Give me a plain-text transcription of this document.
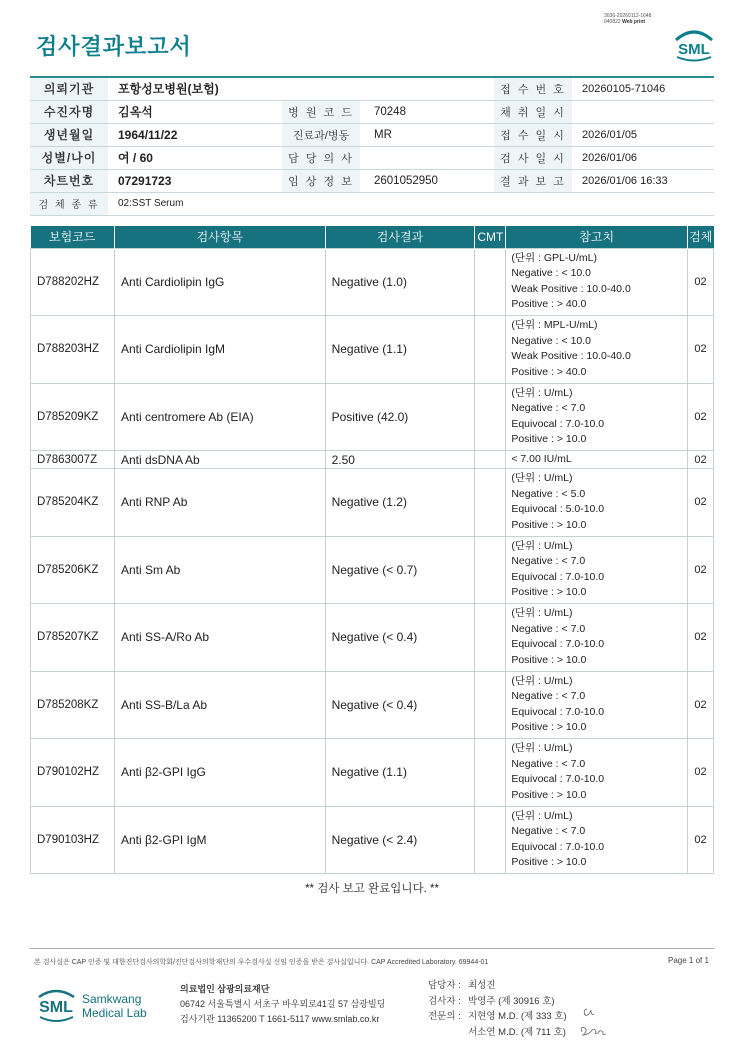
3036-20260112-1648
040822 Web print
검사결과보고서	SML
의뢰기관	포항성모병원(보험)			접 수 번 호	20260105-71046
수진자명	김옥석	병 원 코 드	70248	채 취 일 시	
생년월일	1964/11/22	진료과/병동	MR	접 수 일 시	2026/01/05
성별/나이	여 / 60	담 당 의 사		검 사 일 시	2026/01/06
차트번호	07291723	임 상 정 보	2601052950	결 과 보 고	2026/01/06 16:33
검 체 종 류	02:SST Serum				
보험코드	검사항목	검사결과	CMT	참고치	검체
D788202HZ	Anti Cardiolipin IgG	Negative (1.0)		(단위 : GPL-U/mL)
Negative : < 10.0
Weak Positive : 10.0-40.0
Positive : > 40.0	02
D788203HZ	Anti Cardiolipin IgM	Negative (1.1)		(단위 : MPL-U/mL)
Negative : < 10.0
Weak Positive : 10.0-40.0
Positive : > 40.0	02
D785209KZ	Anti centromere Ab (EIA)	Positive (42.0)		(단위 : U/mL)
Negative : < 7.0
Equivocal : 7.0-10.0
Positive : > 10.0	02
D7863007Z	Anti dsDNA Ab	2.50		< 7.00 IU/mL	02
D785204KZ	Anti RNP Ab	Negative (1.2)		(단위 : U/mL)
Negative : < 5.0
Equivocal : 5.0-10.0
Positive : > 10.0	02
D785206KZ	Anti Sm Ab	Negative (< 0.7)		(단위 : U/mL)
Negative : < 7.0
Equivocal : 7.0-10.0
Positive : > 10.0	02
D785207KZ	Anti SS-A/Ro Ab	Negative (< 0.4)		(단위 : U/mL)
Negative : < 7.0
Equivocal : 7.0-10.0
Positive : > 10.0	02
D785208KZ	Anti SS-B/La Ab	Negative (< 0.4)		(단위 : U/mL)
Negative : < 7.0
Equivocal : 7.0-10.0
Positive : > 10.0	02
D790102HZ	Anti β2-GPI IgG	Negative (1.1)		(단위 : U/mL)
Negative : < 7.0
Equivocal : 7.0-10.0
Positive : > 10.0	02
D790103HZ	Anti β2-GPI IgM	Negative (< 2.4)		(단위 : U/mL)
Negative : < 7.0
Equivocal : 7.0-10.0
Positive : > 10.0	02
** 검사 보고 완료입니다. **
본 검사실은 CAP 인증 및 대한진단검사의학회/진단검사의학재단의 우수검사실 신임 인증을 받은 검사실입니다. CAP Accredited Laboratory. 69944-01	Page 1 of 1
SML Samkwang
Medical Lab
의료법인 삼광의료재단
06742 서울특별시 서초구 바우뫼로41길 57 삼광빌딩
검사기관 11365200 T 1661-5117 www.smlab.co.kr
담당자 : 최성진
검사자 : 박영주 (제 30916 호)
전문의 : 지현영 M.D. (제 333 호)
서소연 M.D. (제 711 호)
